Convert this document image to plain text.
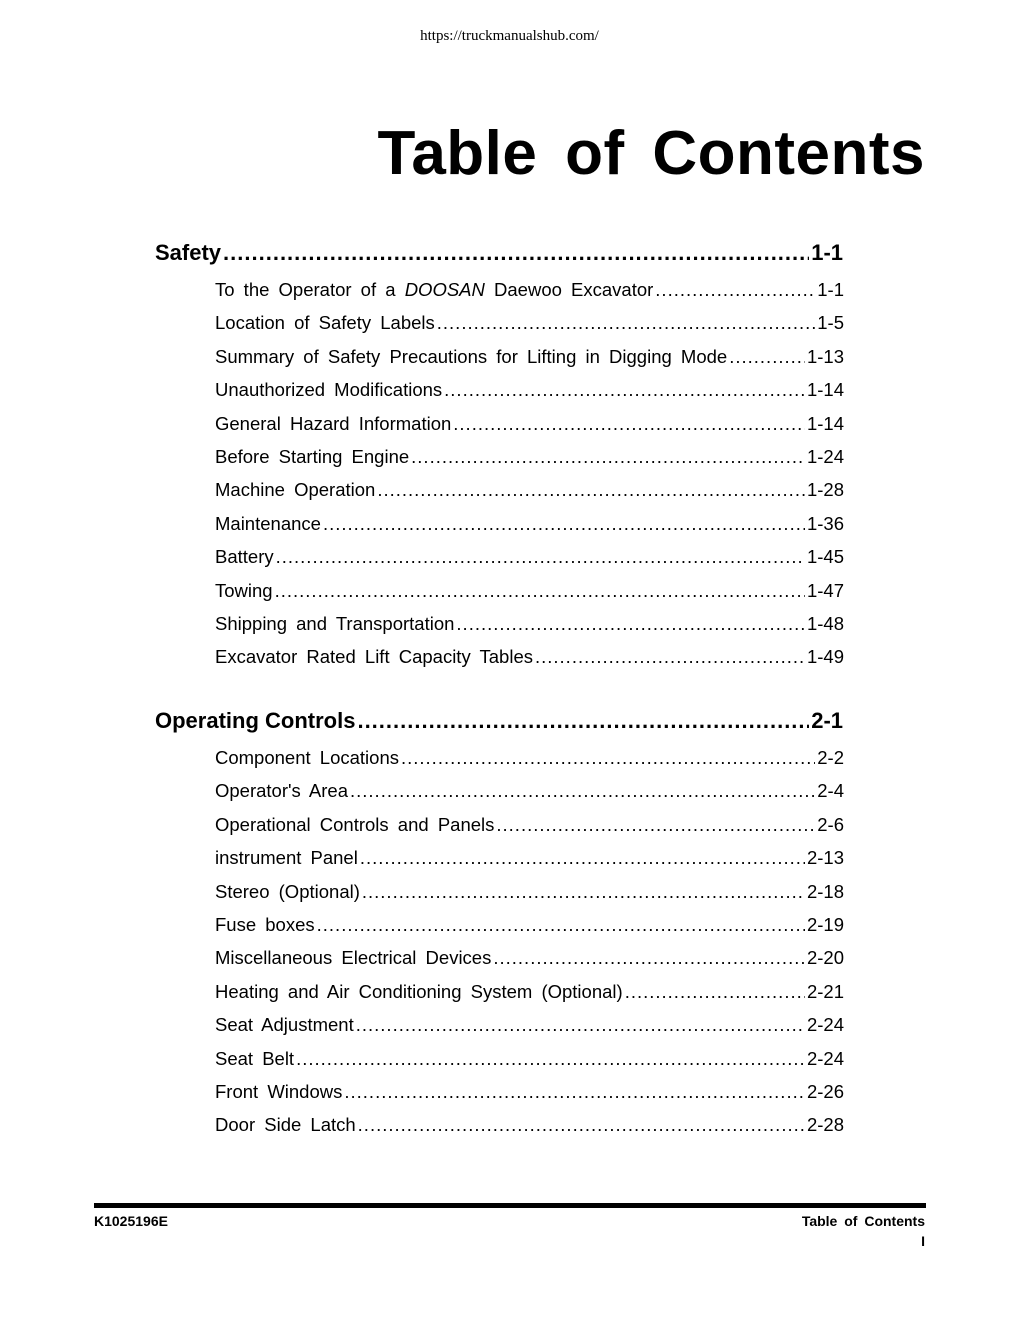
https://truckmanualshub.com/
Table of Contents
Safety .....	1-1
To the Operator of a DOOSAN Daewoo Excavator .....	1-1
Location of Safety Labels .....	1-5
Summary of Safety Precautions for Lifting in Digging Mode .....	1-13
Unauthorized Modifications .....	1-14
General Hazard Information .....	1-14
Before Starting Engine .....	1-24
Machine Operation .....	1-28
Maintenance .....	1-36
Battery .....	1-45
Towing .....	1-47
Shipping and Transportation .....	1-48
Excavator Rated Lift Capacity Tables .....	1-49
Operating Controls .....	2-1
Component Locations .....	2-2
Operator's Area .....	2-4
Operational Controls and Panels .....	2-6
instrument Panel .....	2-13
Stereo (Optional) .....	2-18
Fuse boxes .....	2-19
Miscellaneous Electrical Devices .....	2-20
Heating and Air Conditioning System (Optional) .....	2-21
Seat Adjustment .....	2-24
Seat Belt .....	2-24
Front Windows .....	2-26
Door Side Latch .....	2-28
K1025196E	Table of Contents
I
